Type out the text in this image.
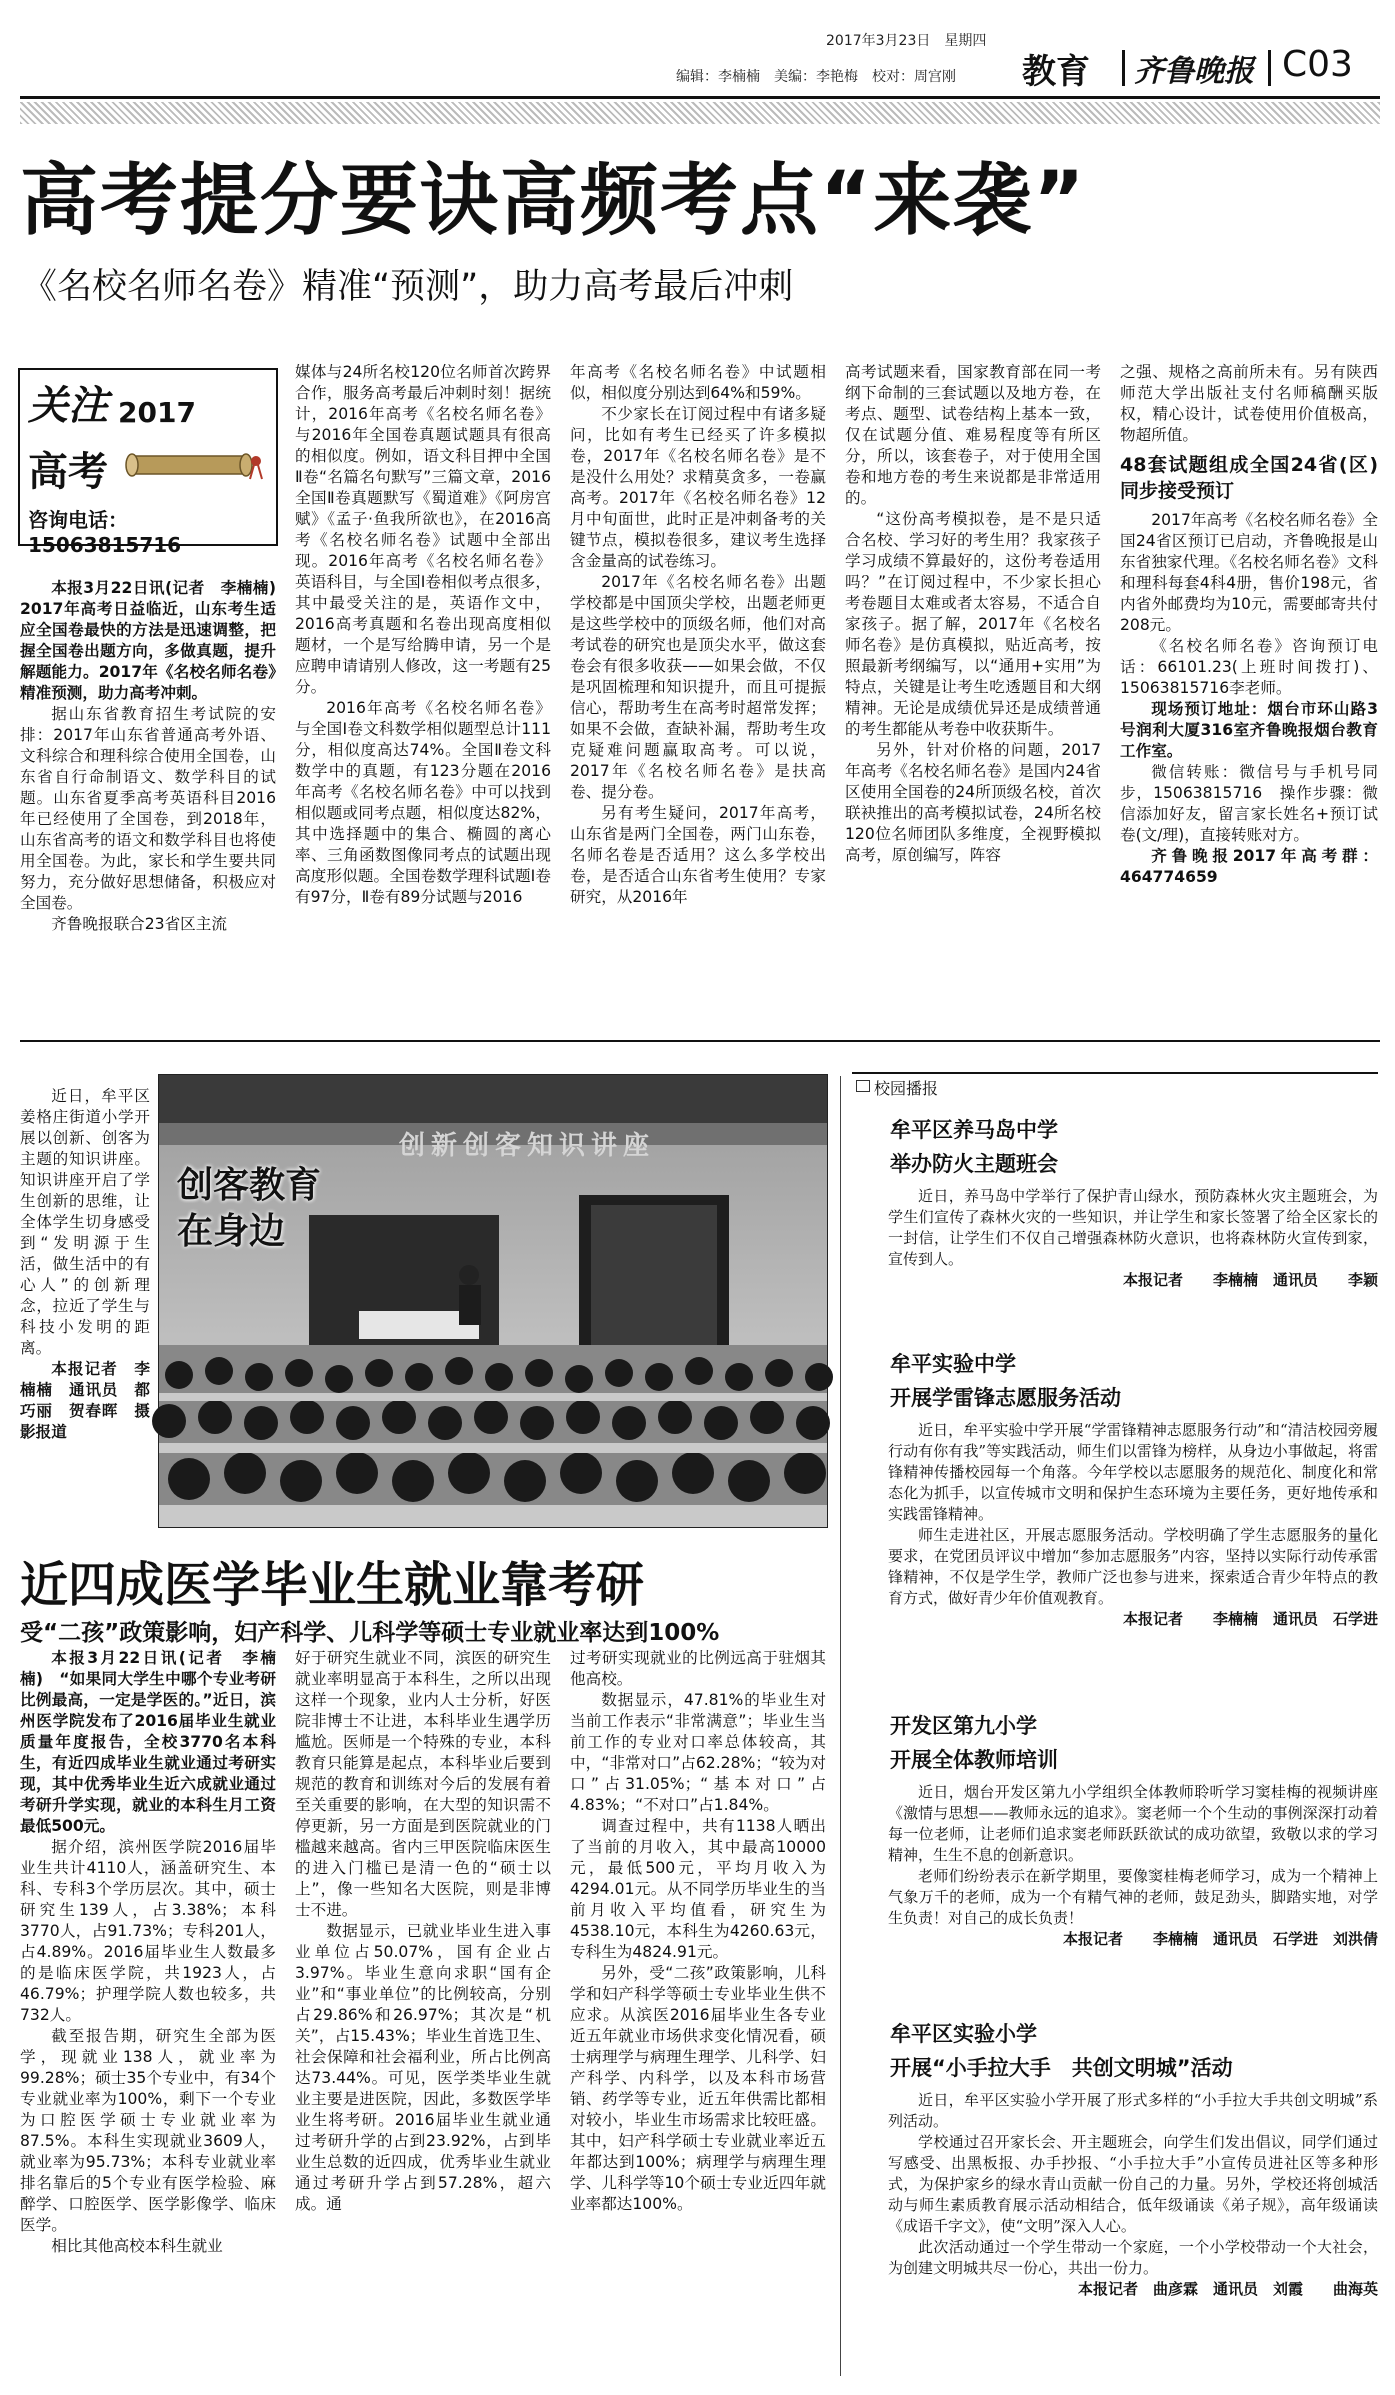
2017年3月23日　星期四
编辑：李楠楠　美编：李艳梅　校对：周宫刚 教育 齐鲁晚报 C03
高考提分要诀高频考点“来袭”
《名校名师名卷》精准“预测”，助力高考最后冲刺
关注 2017
高考
咨询电话：15063815716

本报3月22日讯(记者　李楠楠)　2017年高考日益临近，山东考生适应全国卷最快的方法是迅速调整，把握全国卷出题方向，多做真题，提升解题能力。2017年《名校名师名卷》精准预测，助力高考冲刺。

据山东省教育招生考试院的安排：2017年山东省普通高考外语、文科综合和理科综合使用全国卷，山东省自行命制语文、数学科目的试题。山东省夏季高考英语科目2016年已经使用了全国卷，到2018年，山东省高考的语文和数学科目也将使用全国卷。为此，家长和学生要共同努力，充分做好思想储备，积极应对全国卷。

齐鲁晚报联合23省区主流

媒体与24所名校120位名师首次跨界合作，服务高考最后冲刺时刻！据统计，2016年高考《名校名师名卷》与2016年全国卷真题试题具有很高的相似度。例如，语文科目押中全国Ⅱ卷“名篇名句默写”三篇文章，2016全国Ⅱ卷真题默写《蜀道难》《阿房宫赋》《孟子·鱼我所欲也》，在2016高考《名校名师名卷》试题中全部出现。2016年高考《名校名师名卷》英语科目，与全国Ⅰ卷相似考点很多，其中最受关注的是，英语作文中，2016高考真题和名卷出现高度相似题材，一个是写给腾申请，另一个是应聘申请请别人修改，这一考题有25分。

2016年高考《名校名师名卷》与全国Ⅰ卷文科数学相似题型总计111分，相似度高达74%。全国Ⅱ卷文科数学中的真题，有123分题在2016年高考《名校名师名卷》中可以找到相似题或同考点题，相似度达82%，其中选择题中的集合、椭圆的离心率、三角函数图像同考点的试题出现高度形似题。全国卷数学理科试题Ⅰ卷有97分，Ⅱ卷有89分试题与2016

年高考《名校名师名卷》中试题相似，相似度分别达到64%和59%。

不少家长在订阅过程中有诸多疑问，比如有考生已经买了许多模拟卷，2017年《名校名师名卷》是不是没什么用处？求精莫贪多，一卷赢高考。2017年《名校名师名卷》12月中旬面世，此时正是冲刺备考的关键节点，模拟卷很多，建议考生选择含金量高的试卷练习。

2017年《名校名师名卷》出题学校都是中国顶尖学校，出题老师更是这些学校中的顶级名师，他们对高考试卷的研究也是顶尖水平，做这套卷会有很多收获——如果会做，不仅是巩固梳理和知识提升，而且可提振信心，帮助考生在高考时超常发挥；如果不会做，查缺补漏，帮助考生攻克疑难问题赢取高考。可以说，2017年《名校名师名卷》是扶高卷、提分卷。

另有考生疑问，2017年高考，山东省是两门全国卷，两门山东卷，名师名卷是否适用？这么多学校出卷，是否适合山东省考生使用？专家研究，从2016年

高考试题来看，国家教育部在同一考纲下命制的三套试题以及地方卷，在考点、题型、试卷结构上基本一致，仅在试题分值、难易程度等有所区分，所以，该套卷子，对于使用全国卷和地方卷的考生来说都是非常适用的。

“这份高考模拟卷，是不是只适合名校、学习好的考生用？我家孩子学习成绩不算最好的，这份考卷适用吗？”在订阅过程中，不少家长担心考卷题目太难或者太容易，不适合自家孩子。据了解，2017年《名校名师名卷》是仿真模拟，贴近高考，按照最新考纲编写，以“通用+实用”为特点，关键是让考生吃透题目和大纲精神。无论是成绩优异还是成绩普通的考生都能从考卷中收获斯牛。

另外，针对价格的问题，2017年高考《名校名师名卷》是国内24省区使用全国卷的24所顶级名校，首次联袂推出的高考模拟试卷，24所名校120位名师团队多维度，全视野模拟高考，原创编写，阵容

之强、规格之高前所未有。另有陕西师范大学出版社支付名师稿酬买版权，精心设计，试卷使用价值极高，物超所值。

48套试题组成全国24省(区)同步接受预订

2017年高考《名校名师名卷》全国24省区预订已启动，齐鲁晚报是山东省独家代理。《名校名师名卷》文科和理科每套4科4册，售价198元，省内省外邮费均为10元，需要邮寄共付208元。

《名校名师名卷》咨询预订电话：66101.23(上班时间拨打)、15063815716李老师。

现场预订地址：烟台市环山路3号润利大厦316室齐鲁晚报烟台教育工作室。

微信转账：微信号与手机号同步，15063815716　操作步骤：微信添加好友，留言家长姓名+预订试卷(文/理)，直接转账对方。

齐鲁晚报2017年高考群：464774659

近日，牟平区姜格庄街道小学开展以创新、创客为主题的知识讲座。知识讲座开启了学生创新的思维，让全体学生切身感受到“发明源于生活，做生活中的有心人”的创新理念，拉近了学生与科技小发明的距离。

本报记者　李楠楠　通讯员　都巧丽　贺春晖　摄影报道

创新创客知识讲座
创客教育
在身边
近四成医学毕业生就业靠考研
受“二孩”政策影响，妇产科学、儿科学等硕士专业就业率达到100%

本报3月22日讯(记者　李楠楠)　“如果同大学生中哪个专业考研比例最高，一定是学医的。”近日，滨州医学院发布了2016届毕业生就业质量年度报告，全校3770名本科生，有近四成毕业生就业通过考研实现，其中优秀毕业生近六成就业通过考研升学实现，就业的本科生月工资最低500元。

据介绍，滨州医学院2016届毕业生共计4110人，涵盖研究生、本科、专科3个学历层次。其中，硕士研究生139人，占3.38%；本科3770人，占91.73%；专科201人，占4.89%。2016届毕业生人数最多的是临床医学院，共1923人，占46.79%；护理学院人数也较多，共732人。

截至报告期，研究生全部为医学，现就业138人，就业率为99.28%；硕士35个专业中，有34个专业就业率为100%，剩下一个专业为口腔医学硕士专业就业率为87.5%。本科生实现就业3609人，就业率为95.73%；本科专业就业率排名靠后的5个专业有医学检验、麻醉学、口腔医学、医学影像学、临床医学。

相比其他高校本科生就业

好于研究生就业不同，滨医的研究生就业率明显高于本科生，之所以出现这样一个现象，业内人士分析，好医院非博士不让进，本科毕业生遇学历尴尬。医师是一个特殊的专业，本科教育只能算是起点，本科毕业后要到规范的教育和训练对今后的发展有着至关重要的影响，在大型的知识需不停更新，另一方面是到医院就业的门槛越来越高。省内三甲医院临床医生的进入门槛已是清一色的“硕士以上”，像一些知名大医院，则是非博士不进。

数据显示，已就业毕业生进入事业单位占50.07%，国有企业占3.97%。毕业生意向求职“国有企业”和“事业单位”的比例较高，分别占29.86%和26.97%；其次是“机关”，占15.43%；毕业生首选卫生、社会保障和社会福利业，所占比例高达73.44%。可见，医学类毕业生就业主要是进医院，因此，多数医学毕业生将考研。2016届毕业生就业通过考研升学的占到23.92%，占到毕业生总数的近四成，优秀毕业生就业通过考研升学占到57.28%，超六成。通

过考研实现就业的比例远高于驻烟其他高校。

数据显示，47.81%的毕业生对当前工作表示“非常满意”；毕业生当前工作的专业对口率总体较高，其中，“非常对口”占62.28%；“较为对口”占31.05%；“基本对口”占4.83%；“不对口”占1.84%。

调查过程中，共有1138人晒出了当前的月收入，其中最高10000元，最低500元，平均月收入为4294.01元。从不同学历毕业生的当前月收入平均值看，研究生为4538.10元，本科生为4260.63元，专科生为4824.91元。

另外，受“二孩”政策影响，儿科学和妇产科学等硕士专业毕业生供不应求。从滨医2016届毕业生各专业近五年就业市场供求变化情况看，硕士病理学与病理生理学、儿科学、妇产科学、内科学，以及本科市场营销、药学等专业，近五年供需比都相对较小，毕业生市场需求比较旺盛。其中，妇产科学硕士专业就业率近五年都达到100%；病理学与病理生理学、儿科学等10个硕士专业近四年就业率都达100%。

校园播报
牟平区养马岛中学
举办防火主题班会

近日，养马岛中学举行了保护青山绿水，预防森林火灾主题班会，为学生们宣传了森林火灾的一些知识，并让学生和家长签署了给全区家长的一封信，让学生们不仅自己增强森林防火意识，也将森林防火宣传到家，宣传到人。

本报记者　　李楠楠　通讯员　　李颖
牟平实验中学
开展学雷锋志愿服务活动

近日，牟平实验中学开展“学雷锋精神志愿服务行动”和“清洁校园旁履行动有你有我”等实践活动，师生们以雷锋为榜样，从身边小事做起，将雷锋精神传播校园每一个角落。今年学校以志愿服务的规范化、制度化和常态化为抓手，以宣传城市文明和保护生态环境为主要任务，更好地传承和实践雷锋精神。

师生走进社区，开展志愿服务活动。学校明确了学生志愿服务的量化要求，在党团员评议中增加“参加志愿服务”内容，坚持以实际行动传承雷锋精神，不仅是学生学，教师广泛也参与进来，探索适合青少年特点的教育方式，做好青少年价值观教育。

本报记者　　李楠楠　通讯员　石学进
开发区第九小学
开展全体教师培训

近日，烟台开发区第九小学组织全体教师聆听学习窦桂梅的视频讲座《激情与思想——教师永远的追求》。窦老师一个个生动的事例深深打动着每一位老师，让老师们追求窦老师跃跃欲试的成功欲望，致敬以求的学习精神，生生不息的创新意识。

老师们纷纷表示在新学期里，要像窦桂梅老师学习，成为一个精神上气象万千的老师，成为一个有精气神的老师，鼓足劲头，脚踏实地，对学生负责！对自己的成长负责！

本报记者　　李楠楠　通讯员　石学进　刘洪倩
牟平区实验小学
开展“小手拉大手　共创文明城”活动

近日，牟平区实验小学开展了形式多样的“小手拉大手共创文明城”系列活动。

学校通过召开家长会、开主题班会，向学生们发出倡议，同学们通过写感受、出黑板报、办手抄报、“小手拉大手”小宣传员进社区等多种形式，为保护家乡的绿水青山贡献一份自己的力量。另外，学校还将创城活动与师生素质教育展示活动相结合，低年级诵读《弟子规》，高年级诵读《成语千字文》，使“文明”深入人心。

此次活动通过一个学生带动一个家庭，一个小学校带动一个大社会，为创建文明城共尽一份心，共出一份力。

本报记者　曲彦霖　通讯员　刘霞　　曲海英
